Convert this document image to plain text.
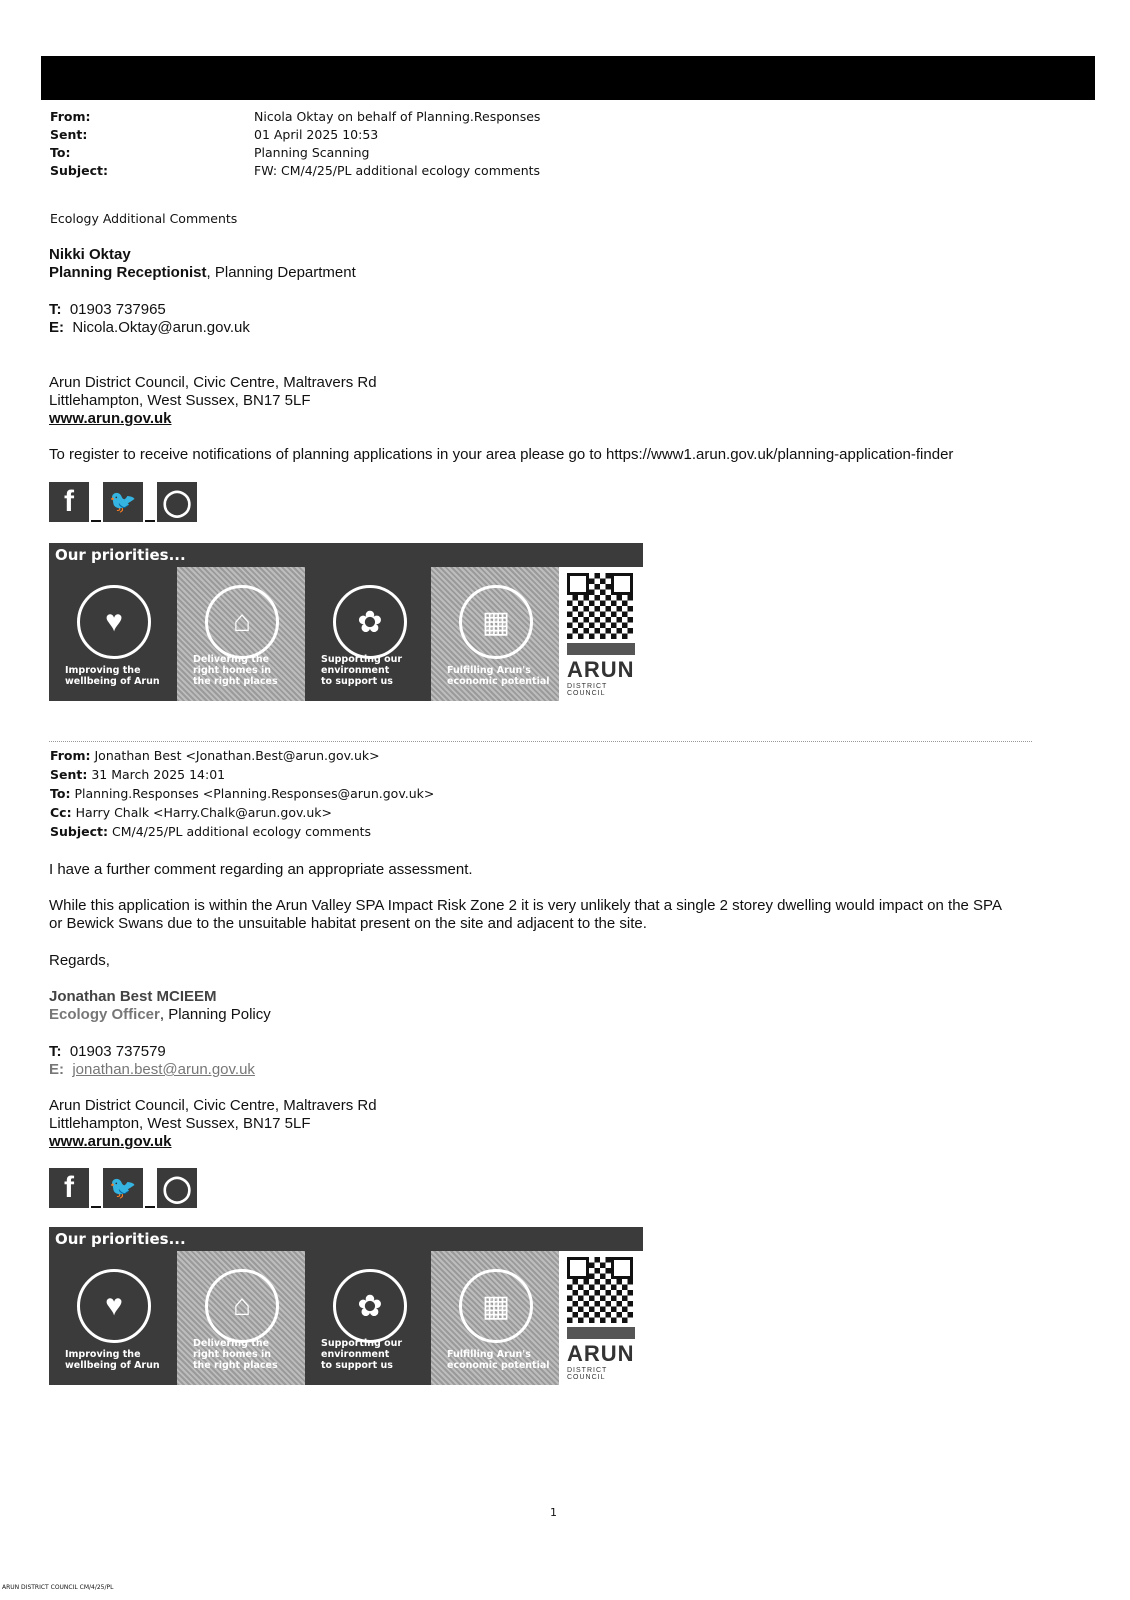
From:	Nicola Oktay on behalf of Planning.Responses
Sent:	01 April 2025 10:53
To:	Planning Scanning
Subject:	FW: CM/4/25/PL additional ecology comments
Ecology Additional Comments
Nikki Oktay
Planning Receptionist, Planning Department
T: 01903 737965
E: Nicola.Oktay@arun.gov.uk
Arun District Council, Civic Centre, Maltravers Rd
Littlehampton, West Sussex, BN17 5LF
www.arun.gov.uk
To register to receive notifications of planning applications in your area please go to https://www1.arun.gov.uk/planning-application-finder
f	🐦 ◯
Our priorities...
♥
Improving the
wellbeing of Arun
⌂
Delivering the
right homes in
the right places
✿
Supporting our
environment
to support us
▦
Fulfilling Arun's
economic potential ARUN
DISTRICT COUNCIL
From: Jonathan Best <Jonathan.Best@arun.gov.uk>
Sent: 31 March 2025 14:01
To: Planning.Responses <Planning.Responses@arun.gov.uk>
Cc: Harry Chalk <Harry.Chalk@arun.gov.uk>
Subject: CM/4/25/PL additional ecology comments
I have a further comment regarding an appropriate assessment.
While this application is within the Arun Valley SPA Impact Risk Zone 2 it is very unlikely that a single 2 storey dwelling would impact on the SPA
or Bewick Swans due to the unsuitable habitat present on the site and adjacent to the site.
Regards,
Jonathan Best MCIEEM
Ecology Officer, Planning Policy
T: 01903 737579
E: jonathan.best@arun.gov.uk
Arun District Council, Civic Centre, Maltravers Rd
Littlehampton, West Sussex, BN17 5LF
www.arun.gov.uk
f	🐦 ◯
Our priorities...
♥
Improving the
wellbeing of Arun
⌂
Delivering the
right homes in
the right places
✿
Supporting our
environment
to support us
▦
Fulfilling Arun's
economic potential ARUN
DISTRICT COUNCIL
1
ARUN DISTRICT COUNCIL CM/4/25/PL
